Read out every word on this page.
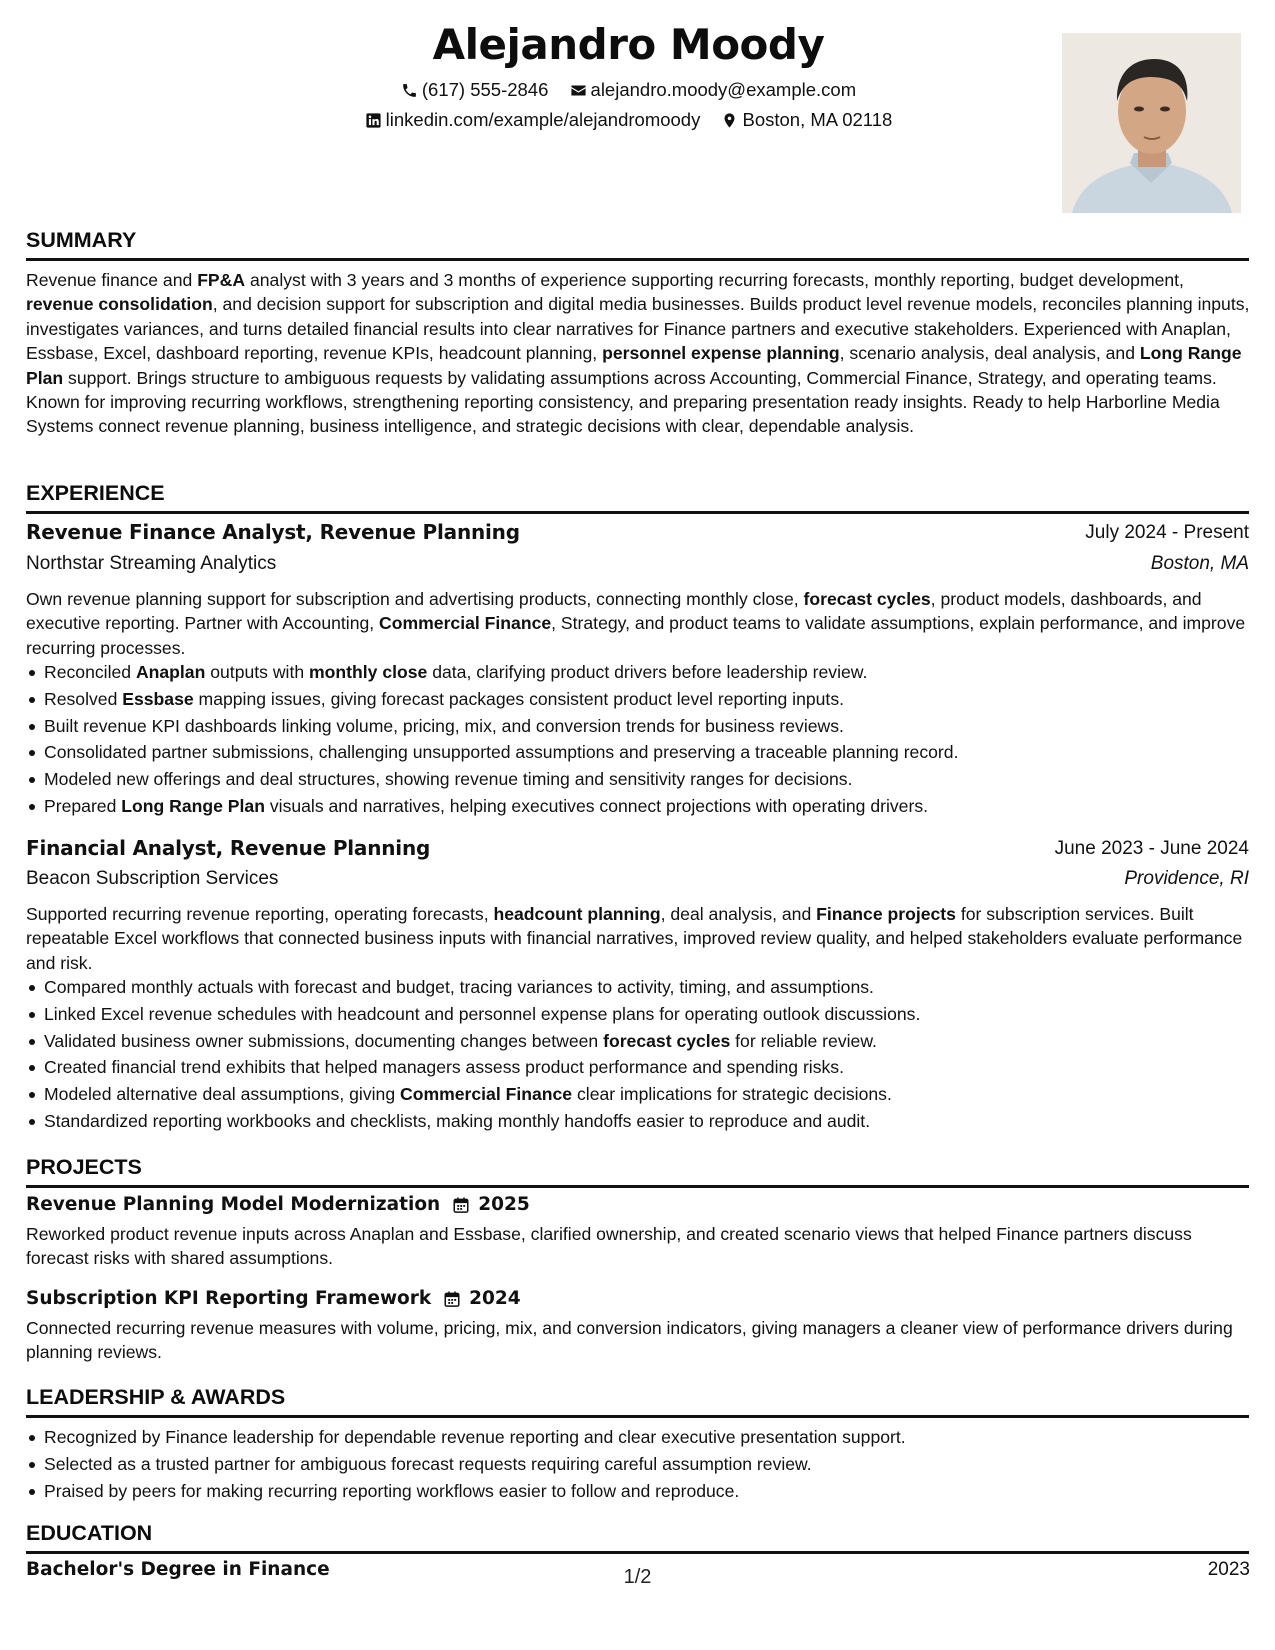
Alejandro Moody
(617) 555-2846
alejandro.moody@example.com
linkedin.com/example/alejandromoody
Boston, MA 02118
SUMMARY
Revenue finance and FP&A analyst with 3 years and 3 months of experience supporting recurring forecasts, monthly reporting, budget development, revenue consolidation, and decision support for subscription and digital media businesses. Builds product level revenue models, reconciles planning inputs, investigates variances, and turns detailed financial results into clear narratives for Finance partners and executive stakeholders. Experienced with Anaplan, Essbase, Excel, dashboard reporting, revenue KPIs, headcount planning, personnel expense planning, scenario analysis, deal analysis, and Long Range Plan support. Brings structure to ambiguous requests by validating assumptions across Accounting, Commercial Finance, Strategy, and operating teams. Known for improving recurring workflows, strengthening reporting consistency, and preparing presentation ready insights. Ready to help Harborline Media Systems connect revenue planning, business intelligence, and strategic decisions with clear, dependable analysis.
EXPERIENCE
Revenue Finance Analyst, Revenue Planning	July 2024 - Present
Northstar Streaming Analytics	Boston, MA
Own revenue planning support for subscription and advertising products, connecting monthly close, forecast cycles, product models, dashboards, and executive reporting. Partner with Accounting, Commercial Finance, Strategy, and product teams to validate assumptions, explain performance, and improve recurring processes.
Reconciled Anaplan outputs with monthly close data, clarifying product drivers before leadership review.
Resolved Essbase mapping issues, giving forecast packages consistent product level reporting inputs.
Built revenue KPI dashboards linking volume, pricing, mix, and conversion trends for business reviews.
Consolidated partner submissions, challenging unsupported assumptions and preserving a traceable planning record.
Modeled new offerings and deal structures, showing revenue timing and sensitivity ranges for decisions.
Prepared Long Range Plan visuals and narratives, helping executives connect projections with operating drivers.
Financial Analyst, Revenue Planning	June 2023 - June 2024
Beacon Subscription Services	Providence, RI
Supported recurring revenue reporting, operating forecasts, headcount planning, deal analysis, and Finance projects for subscription services. Built repeatable Excel workflows that connected business inputs with financial narratives, improved review quality, and helped stakeholders evaluate performance and risk.
Compared monthly actuals with forecast and budget, tracing variances to activity, timing, and assumptions.
Linked Excel revenue schedules with headcount and personnel expense plans for operating outlook discussions.
Validated business owner submissions, documenting changes between forecast cycles for reliable review.
Created financial trend exhibits that helped managers assess product performance and spending risks.
Modeled alternative deal assumptions, giving Commercial Finance clear implications for strategic decisions.
Standardized reporting workbooks and checklists, making monthly handoffs easier to reproduce and audit.
PROJECTS
Revenue Planning Model Modernization 2025
Reworked product revenue inputs across Anaplan and Essbase, clarified ownership, and created scenario views that helped Finance partners discuss forecast risks with shared assumptions.
Subscription KPI Reporting Framework 2024
Connected recurring revenue measures with volume, pricing, mix, and conversion indicators, giving managers a cleaner view of performance drivers during planning reviews.
LEADERSHIP & AWARDS
Recognized by Finance leadership for dependable revenue reporting and clear executive presentation support.
Selected as a trusted partner for ambiguous forecast requests requiring careful assumption review.
Praised by peers for making recurring reporting workflows easier to follow and reproduce.
EDUCATION
Bachelor's Degree in Finance	2023
1/2
